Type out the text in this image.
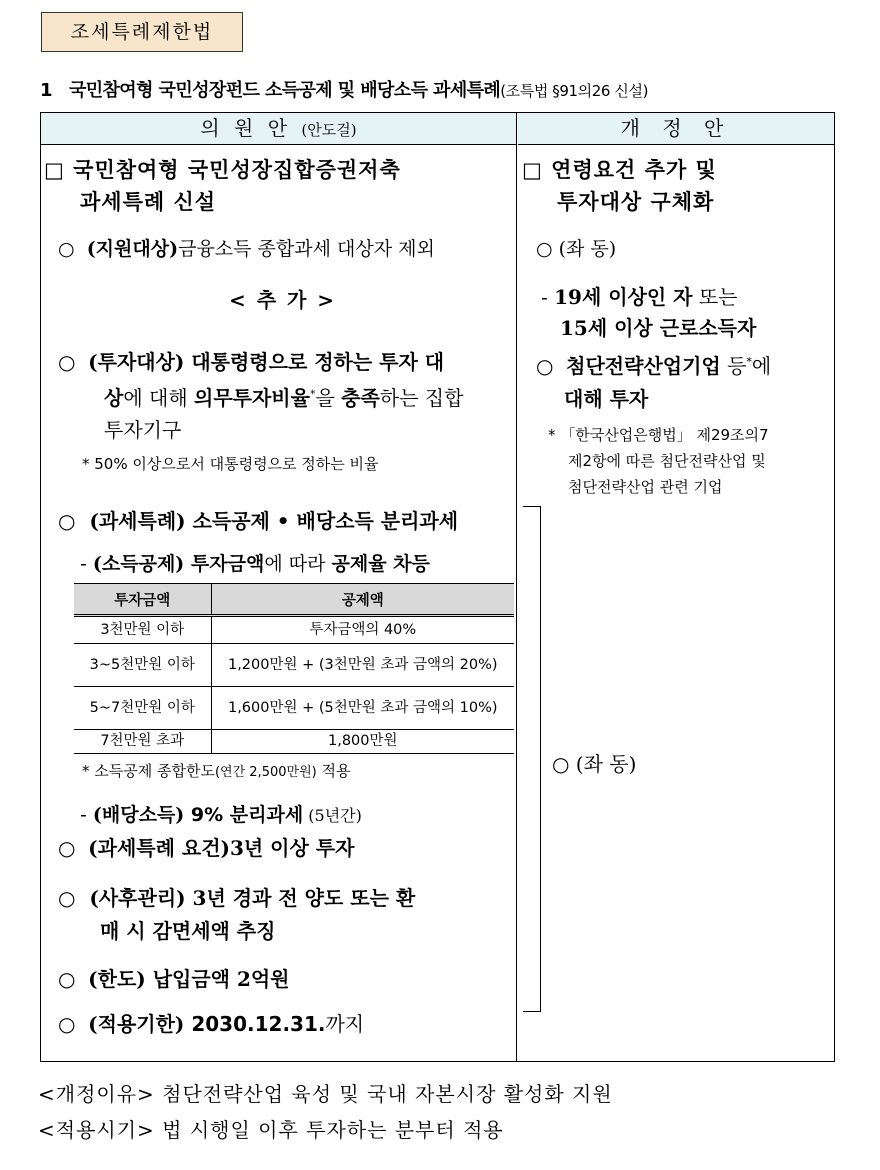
조세특례제한법
1 국민참여형 국민성장펀드 소득공제 및 배당소득 과세특례(조특법 §91의26 신설)
의 원 안 (안도걸)	개 정 안
□ 국민참여형 국민성장집합증권저축
과세특례 신설
○ (지원대상)금융소득 종합과세 대상자 제외
< 추 가 >
○ (투자대상) 대통령령으로 정하는 투자 대
상에 대해 의무투자비율*을 충족하는 집합
투자기구
* 50% 이상으로서 대통령령으로 정하는 비율
○ (과세특례) 소득공제 • 배당소득 분리과세
- (소득공제) 투자금액에 따라 공제율 차등
투자금액	공제액
3천만원 이하	투자금액의 40%
3~5천만원 이하	1,200만원 + (3천만원 초과 금액의 20%)
5~7천만원 이하	1,600만원 + (5천만원 초과 금액의 10%)
7천만원 초과	1,800만원
* 소득공제 종합한도(연간 2,500만원) 적용
- (배당소득) 9% 분리과세 (5년간)
○ (과세특례 요건)3년 이상 투자
○ (사후관리) 3년 경과 전 양도 또는 환
매 시 감면세액 추징
○ (한도) 납입금액 2억원
○ (적용기한) 2030.12.31.까지
□ 연령요건 추가 및
투자대상 구체화
○ (좌 동)
- 19세 이상인 자 또는
15세 이상 근로소득자
○ 첨단전략산업기업 등*에
대해 투자
* 「한국산업은행법」 제29조의7
제2항에 따른 첨단전략산업 및
첨단전략산업 관련 기업
○ (좌 동)
<개정이유> 첨단전략산업 육성 및 국내 자본시장 활성화 지원
<적용시기> 법 시행일 이후 투자하는 분부터 적용
